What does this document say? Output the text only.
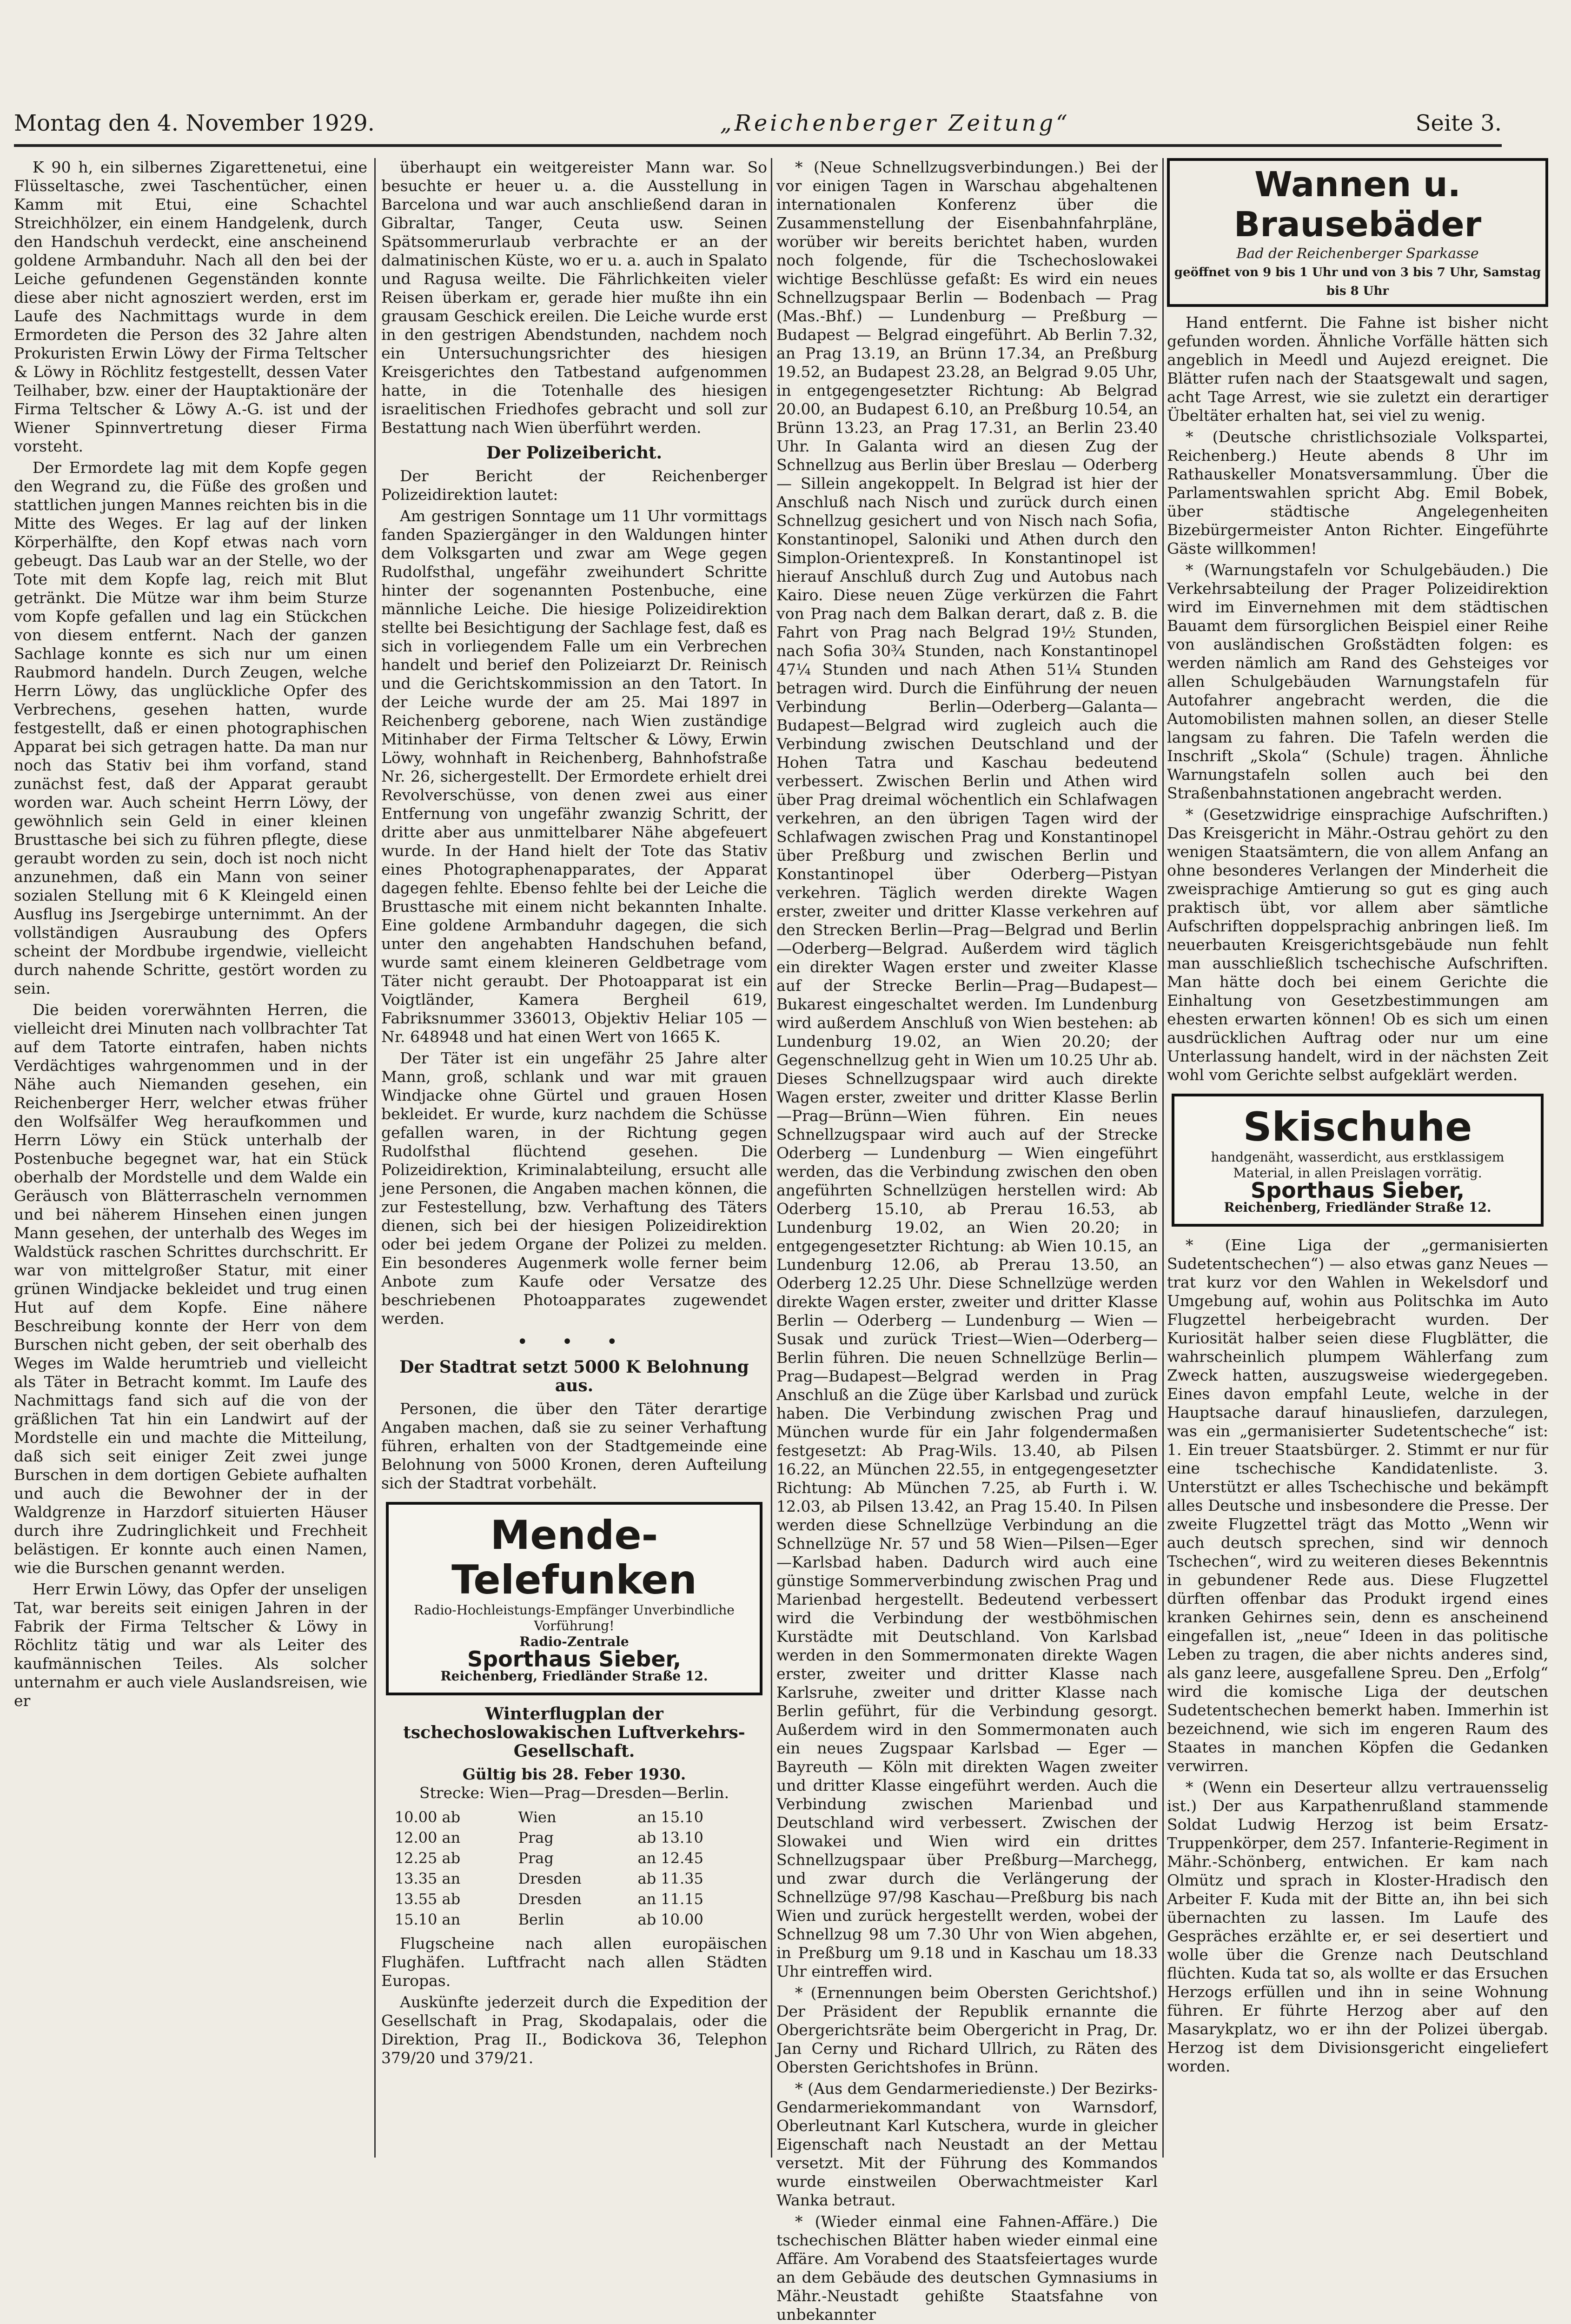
Montag den 4. November 1929.	„Reichenberger Zeitung“	Seite 3.

K 90 h, ein silbernes Zigarettenetui, eine Flüsseltasche, zwei Taschentücher, einen Kamm mit Etui, eine Schachtel Streichhölzer, ein einem Handgelenk, durch den Handschuh verdeckt, eine anscheinend goldene Armbanduhr. Nach all den bei der Leiche gefundenen Gegenständen konnte diese aber nicht agnosziert werden, erst im Laufe des Nachmittags wurde in dem Ermordeten die Person des 32 Jahre alten Prokuristen Erwin Löwy der Firma Teltscher & Löwy in Röchlitz festgestellt, dessen Vater Teilhaber, bzw. einer der Hauptaktionäre der Firma Teltscher & Löwy A.-G. ist und der Wiener Spinnvertretung dieser Firma vorsteht.

Der Ermordete lag mit dem Kopfe gegen den Wegrand zu, die Füße des großen und stattlichen jungen Mannes reichten bis in die Mitte des Weges. Er lag auf der linken Körperhälfte, den Kopf etwas nach vorn gebeugt. Das Laub war an der Stelle, wo der Tote mit dem Kopfe lag, reich mit Blut getränkt. Die Mütze war ihm beim Sturze vom Kopfe gefallen und lag ein Stückchen von diesem entfernt. Nach der ganzen Sachlage konnte es sich nur um einen Raubmord handeln. Durch Zeugen, welche Herrn Löwy, das unglückliche Opfer des Verbrechens, gesehen hatten, wurde festgestellt, daß er einen photographischen Apparat bei sich getragen hatte. Da man nur noch das Stativ bei ihm vorfand, stand zunächst fest, daß der Apparat geraubt worden war. Auch scheint Herrn Löwy, der gewöhnlich sein Geld in einer kleinen Brusttasche bei sich zu führen pflegte, diese geraubt worden zu sein, doch ist noch nicht anzunehmen, daß ein Mann von seiner sozialen Stellung mit 6 K Kleingeld einen Ausflug ins Jsergebirge unternimmt. An der vollständigen Ausraubung des Opfers scheint der Mordbube irgendwie, vielleicht durch nahende Schritte, gestört worden zu sein.

Die beiden vorerwähnten Herren, die vielleicht drei Minuten nach vollbrachter Tat auf dem Tatorte eintrafen, haben nichts Verdächtiges wahrgenommen und in der Nähe auch Niemanden gesehen, ein Reichenberger Herr, welcher etwas früher den Wolfsälfer Weg heraufkommen und Herrn Löwy ein Stück unterhalb der Postenbuche begegnet war, hat ein Stück oberhalb der Mordstelle und dem Walde ein Geräusch von Blätterrascheln vernommen und bei näherem Hinsehen einen jungen Mann gesehen, der unterhalb des Weges im Waldstück raschen Schrittes durchschritt. Er war von mittelgroßer Statur, mit einer grünen Windjacke bekleidet und trug einen Hut auf dem Kopfe. Eine nähere Beschreibung konnte der Herr von dem Burschen nicht geben, der seit oberhalb des Weges im Walde herumtrieb und vielleicht als Täter in Betracht kommt. Im Laufe des Nachmittags fand sich auf die von der gräßlichen Tat hin ein Landwirt auf der Mordstelle ein und machte die Mitteilung, daß sich seit einiger Zeit zwei junge Burschen in dem dortigen Gebiete aufhalten und auch die Bewohner der in der Waldgrenze in Harzdorf situierten Häuser durch ihre Zudringlichkeit und Frechheit belästigen. Er konnte auch einen Namen, wie die Burschen genannt werden.

Herr Erwin Löwy, das Opfer der unseligen Tat, war bereits seit einigen Jahren in der Fabrik der Firma Teltscher & Löwy in Röchlitz tätig und war als Leiter des kaufmännischen Teiles. Als solcher unternahm er auch viele Auslandsreisen, wie er

überhaupt ein weitgereister Mann war. So besuchte er heuer u. a. die Ausstellung in Barcelona und war auch anschließend daran in Gibraltar, Tanger, Ceuta usw. Seinen Spätsommerurlaub verbrachte er an der dalmatinischen Küste, wo er u. a. auch in Spalato und Ragusa weilte. Die Fährlichkeiten vieler Reisen überkam er, gerade hier mußte ihn ein grausam Geschick ereilen. Die Leiche wurde erst in den gestrigen Abendstunden, nachdem noch ein Untersuchungsrichter des hiesigen Kreisgerichtes den Tatbestand aufgenommen hatte, in die Totenhalle des hiesigen israelitischen Friedhofes gebracht und soll zur Bestattung nach Wien überführt werden.

Der Polizeibericht.

Der Bericht der Reichenberger Polizeidirektion lautet:

Am gestrigen Sonntage um 11 Uhr vormittags fanden Spaziergänger in den Waldungen hinter dem Volksgarten und zwar am Wege gegen Rudolfsthal, ungefähr zweihundert Schritte hinter der sogenannten Postenbuche, eine männliche Leiche. Die hiesige Polizeidirektion stellte bei Besichtigung der Sachlage fest, daß es sich in vorliegendem Falle um ein Verbrechen handelt und berief den Polizeiarzt Dr. Reinisch und die Gerichtskommission an den Tatort. In der Leiche wurde der am 25. Mai 1897 in Reichenberg geborene, nach Wien zuständige Mitinhaber der Firma Teltscher & Löwy, Erwin Löwy, wohnhaft in Reichenberg, Bahnhofstraße Nr. 26, sichergestellt. Der Ermordete erhielt drei Revolverschüsse, von denen zwei aus einer Entfernung von ungefähr zwanzig Schritt, der dritte aber aus unmittelbarer Nähe abgefeuert wurde. In der Hand hielt der Tote das Stativ eines Photographenapparates, der Apparat dagegen fehlte. Ebenso fehlte bei der Leiche die Brusttasche mit einem nicht bekannten Inhalte. Eine goldene Armbanduhr dagegen, die sich unter den angehabten Handschuhen befand, wurde samt einem kleineren Geldbetrage vom Täter nicht geraubt. Der Photoapparat ist ein Voigtländer, Kamera Bergheil 619, Fabriksnummer 336013, Objektiv Heliar 105 — Nr. 648948 und hat einen Wert von 1665 K.

Der Täter ist ein ungefähr 25 Jahre alter Mann, groß, schlank und war mit grauen Windjacke ohne Gürtel und grauen Hosen bekleidet. Er wurde, kurz nachdem die Schüsse gefallen waren, in der Richtung gegen Rudolfsthal flüchtend gesehen. Die Polizeidirektion, Kriminalabteilung, ersucht alle jene Personen, die Angaben machen können, die zur Festestellung, bzw. Verhaftung des Täters dienen, sich bei der hiesigen Polizeidirektion oder bei jedem Organe der Polizei zu melden. Ein besonderes Augenmerk wolle ferner beim Anbote zum Kaufe oder Versatze des beschriebenen Photoapparates zugewendet werden.

• • •
Der Stadtrat setzt 5000 K Belohnung aus.

Personen, die über den Täter derartige Angaben machen, daß sie zu seiner Verhaftung führen, erhalten von der Stadtgemeinde eine Belohnung von 5000 Kronen, deren Aufteilung sich der Stadtrat vorbehält.

Mende-Telefunken
Radio-Hochleistungs-Empfänger Unverbindliche Vorführung!
Radio-Zentrale
Sporthaus Sieber,
Reichenberg, Friedländer Straße 12.
Winterflugplan der tschechoslowakischen Luftverkehrs-Gesellschaft.
Gültig bis 28. Feber 1930.
Strecke: Wien—Prag—Dresden—Berlin.
10.00 ab	Wien	an 15.10
12.00 an	Prag	ab 13.10
12.25 ab	Prag	an 12.45
13.35 an	Dresden	ab 11.35
13.55 ab	Dresden	an 11.15
15.10 an	Berlin	ab 10.00

Flugscheine nach allen europäischen Flughäfen. Luftfracht nach allen Städten Europas.

Auskünfte jederzeit durch die Expedition der Gesellschaft in Prag, Skodapalais, oder die Direktion, Prag II., Bodickova 36, Telephon 379/20 und 379/21.

* (Neue Schnellzugsverbindungen.) Bei der vor einigen Tagen in Warschau abgehaltenen internationalen Konferenz über die Zusammenstellung der Eisenbahnfahrpläne, worüber wir bereits berichtet haben, wurden noch folgende, für die Tschechoslowakei wichtige Beschlüsse gefaßt: Es wird ein neues Schnellzugspaar Berlin — Bodenbach — Prag (Mas.-Bhf.) — Lundenburg — Preßburg — Budapest — Belgrad eingeführt. Ab Berlin 7.32, an Prag 13.19, an Brünn 17.34, an Preßburg 19.52, an Budapest 23.28, an Belgrad 9.05 Uhr, in entgegengesetzter Richtung: Ab Belgrad 20.00, an Budapest 6.10, an Preßburg 10.54, an Brünn 13.23, an Prag 17.31, an Berlin 23.40 Uhr. In Galanta wird an diesen Zug der Schnellzug aus Berlin über Breslau — Oderberg — Sillein angekoppelt. In Belgrad ist hier der Anschluß nach Nisch und zurück durch einen Schnellzug gesichert und von Nisch nach Sofia, Konstantinopel, Saloniki und Athen durch den Simplon-Orientexpreß. In Konstantinopel ist hierauf Anschluß durch Zug und Autobus nach Kairo. Diese neuen Züge verkürzen die Fahrt von Prag nach dem Balkan derart, daß z. B. die Fahrt von Prag nach Belgrad 19½ Stunden, nach Sofia 30¾ Stunden, nach Konstantinopel 47¼ Stunden und nach Athen 51¼ Stunden betragen wird. Durch die Einführung der neuen Verbindung Berlin—Oderberg—Galanta—Budapest—Belgrad wird zugleich auch die Verbindung zwischen Deutschland und der Hohen Tatra und Kaschau bedeutend verbessert. Zwischen Berlin und Athen wird über Prag dreimal wöchentlich ein Schlafwagen verkehren, an den übrigen Tagen wird der Schlafwagen zwischen Prag und Konstantinopel über Preßburg und zwischen Berlin und Konstantinopel über Oderberg—Pistyan verkehren. Täglich werden direkte Wagen erster, zweiter und dritter Klasse verkehren auf den Strecken Berlin—Prag—Belgrad und Berlin—Oderberg—Belgrad. Außerdem wird täglich ein direkter Wagen erster und zweiter Klasse auf der Strecke Berlin—Prag—Budapest—Bukarest eingeschaltet werden. Im Lundenburg wird außerdem Anschluß von Wien bestehen: ab Lundenburg 19.02, an Wien 20.20; der Gegenschnellzug geht in Wien um 10.25 Uhr ab. Dieses Schnellzugspaar wird auch direkte Wagen erster, zweiter und dritter Klasse Berlin—Prag—Brünn—Wien führen. Ein neues Schnellzugspaar wird auch auf der Strecke Oderberg — Lundenburg — Wien eingeführt werden, das die Verbindung zwischen den oben angeführten Schnellzügen herstellen wird: Ab Oderberg 15.10, ab Prerau 16.53, ab Lundenburg 19.02, an Wien 20.20; in entgegengesetzter Richtung: ab Wien 10.15, an Lundenburg 12.06, ab Prerau 13.50, an Oderberg 12.25 Uhr. Diese Schnellzüge werden direkte Wagen erster, zweiter und dritter Klasse Berlin — Oderberg — Lundenburg — Wien — Susak und zurück Triest—Wien—Oderberg—Berlin führen. Die neuen Schnellzüge Berlin—Prag—Budapest—Belgrad werden in Prag Anschluß an die Züge über Karlsbad und zurück haben. Die Verbindung zwischen Prag und München wurde für ein Jahr folgendermaßen festgesetzt: Ab Prag-Wils. 13.40, ab Pilsen 16.22, an München 22.55, in entgegengesetzter Richtung: Ab München 7.25, ab Furth i. W. 12.03, ab Pilsen 13.42, an Prag 15.40. In Pilsen werden diese Schnellzüge Verbindung an die Schnellzüge Nr. 57 und 58 Wien—Pilsen—Eger—Karlsbad haben. Dadurch wird auch eine günstige Sommerverbindung zwischen Prag und Marienbad hergestellt. Bedeutend verbessert wird die Verbindung der westböhmischen Kurstädte mit Deutschland. Von Karlsbad werden in den Sommermonaten direkte Wagen erster, zweiter und dritter Klasse nach Karlsruhe, zweiter und dritter Klasse nach Berlin geführt, für die Verbindung gesorgt. Außerdem wird in den Sommermonaten auch ein neues Zugspaar Karlsbad — Eger — Bayreuth — Köln mit direkten Wagen zweiter und dritter Klasse eingeführt werden. Auch die Verbindung zwischen Marienbad und Deutschland wird verbessert. Zwischen der Slowakei und Wien wird ein drittes Schnellzugspaar über Preßburg—Marchegg, und zwar durch die Verlängerung der Schnellzüge 97/98 Kaschau—Preßburg bis nach Wien und zurück hergestellt werden, wobei der Schnellzug 98 um 7.30 Uhr von Wien abgehen, in Preßburg um 9.18 und in Kaschau um 18.33 Uhr eintreffen wird.

* (Ernennungen beim Obersten Gerichtshof.) Der Präsident der Republik ernannte die Obergerichtsräte beim Obergericht in Prag, Dr. Jan Cerny und Richard Ullrich, zu Räten des Obersten Gerichtshofes in Brünn.

* (Aus dem Gendarmeriedienste.) Der Bezirks-Gendarmeriekommandant von Warnsdorf, Oberleutnant Karl Kutschera, wurde in gleicher Eigenschaft nach Neustadt an der Mettau versetzt. Mit der Führung des Kommandos wurde einstweilen Oberwachtmeister Karl Wanka betraut.

* (Wieder einmal eine Fahnen-Affäre.) Die tschechischen Blätter haben wieder einmal eine Affäre. Am Vorabend des Staatsfeiertages wurde an dem Gebäude des deutschen Gymnasiums in Mähr.-Neustadt gehißte Staatsfahne von unbekannter

Wannen u. Brausebäder
Bad der Reichenberger Sparkasse
geöffnet von 9 bis 1 Uhr und von 3 bis 7 Uhr, Samstag bis 8 Uhr

Hand entfernt. Die Fahne ist bisher nicht gefunden worden. Ähnliche Vorfälle hätten sich angeblich in Meedl und Aujezd ereignet. Die Blätter rufen nach der Staatsgewalt und sagen, acht Tage Arrest, wie sie zuletzt ein derartiger Übeltäter erhalten hat, sei viel zu wenig.

* (Deutsche christlichsoziale Volkspartei, Reichenberg.) Heute abends 8 Uhr im Rathauskeller Monatsversammlung. Über die Parlamentswahlen spricht Abg. Emil Bobek, über städtische Angelegenheiten Bizebürgermeister Anton Richter. Eingeführte Gäste willkommen!

* (Warnungstafeln vor Schulgebäuden.) Die Verkehrsabteilung der Prager Polizeidirektion wird im Einvernehmen mit dem städtischen Bauamt dem fürsorglichen Beispiel einer Reihe von ausländischen Großstädten folgen: es werden nämlich am Rand des Gehsteiges vor allen Schulgebäuden Warnungstafeln für Autofahrer angebracht werden, die die Automobilisten mahnen sollen, an dieser Stelle langsam zu fahren. Die Tafeln werden die Inschrift „Skola“ (Schule) tragen. Ähnliche Warnungstafeln sollen auch bei den Straßenbahnstationen angebracht werden.

* (Gesetzwidrige einsprachige Aufschriften.) Das Kreisgericht in Mähr.-Ostrau gehört zu den wenigen Staatsämtern, die von allem Anfang an ohne besonderes Verlangen der Minderheit die zweisprachige Amtierung so gut es ging auch praktisch übt, vor allem aber sämtliche Aufschriften doppelsprachig anbringen ließ. Im neuerbauten Kreisgerichtsgebäude nun fehlt man ausschließlich tschechische Aufschriften. Man hätte doch bei einem Gerichte die Einhaltung von Gesetzbestimmungen am ehesten erwarten können! Ob es sich um einen ausdrücklichen Auftrag oder nur um eine Unterlassung handelt, wird in der nächsten Zeit wohl vom Gerichte selbst aufgeklärt werden.

Skischuhe
handgenäht, wasserdicht, aus erstklassigem Material, in allen Preislagen vorrätig.
Sporthaus Sieber,
Reichenberg, Friedländer Straße 12.

* (Eine Liga der „germanisierten Sudetentschechen“) — also etwas ganz Neues — trat kurz vor den Wahlen in Wekelsdorf und Umgebung auf, wohin aus Politschka im Auto Flugzettel herbeigebracht wurden. Der Kuriosität halber seien diese Flugblätter, die wahrscheinlich plumpem Wählerfang zum Zweck hatten, auszugsweise wiedergegeben. Eines davon empfahl Leute, welche in der Hauptsache darauf hinausliefen, darzulegen, was ein „germanisierter Sudetentscheche“ ist: 1. Ein treuer Staatsbürger. 2. Stimmt er nur für eine tschechische Kandidatenliste. 3. Unterstützt er alles Tschechische und bekämpft alles Deutsche und insbesondere die Presse. Der zweite Flugzettel trägt das Motto „Wenn wir auch deutsch sprechen, sind wir dennoch Tschechen“, wird zu weiteren dieses Bekenntnis in gebundener Rede aus. Diese Flugzettel dürften offenbar das Produkt irgend eines kranken Gehirnes sein, denn es anscheinend eingefallen ist, „neue“ Ideen in das politische Leben zu tragen, die aber nichts anderes sind, als ganz leere, ausgefallene Spreu. Den „Erfolg“ wird die komische Liga der deutschen Sudetentschechen bemerkt haben. Immerhin ist bezeichnend, wie sich im engeren Raum des Staates in manchen Köpfen die Gedanken verwirren.

* (Wenn ein Deserteur allzu vertrauensselig ist.) Der aus Karpathenrußland stammende Soldat Ludwig Herzog ist beim Ersatz-Truppenkörper, dem 257. Infanterie-Regiment in Mähr.-Schönberg, entwichen. Er kam nach Olmütz und sprach in Kloster-Hradisch den Arbeiter F. Kuda mit der Bitte an, ihn bei sich übernachten zu lassen. Im Laufe des Gespräches erzählte er, er sei desertiert und wolle über die Grenze nach Deutschland flüchten. Kuda tat so, als wollte er das Ersuchen Herzogs erfüllen und ihn in seine Wohnung führen. Er führte Herzog aber auf den Masarykplatz, wo er ihn der Polizei übergab. Herzog ist dem Divisionsgericht eingeliefert worden.
